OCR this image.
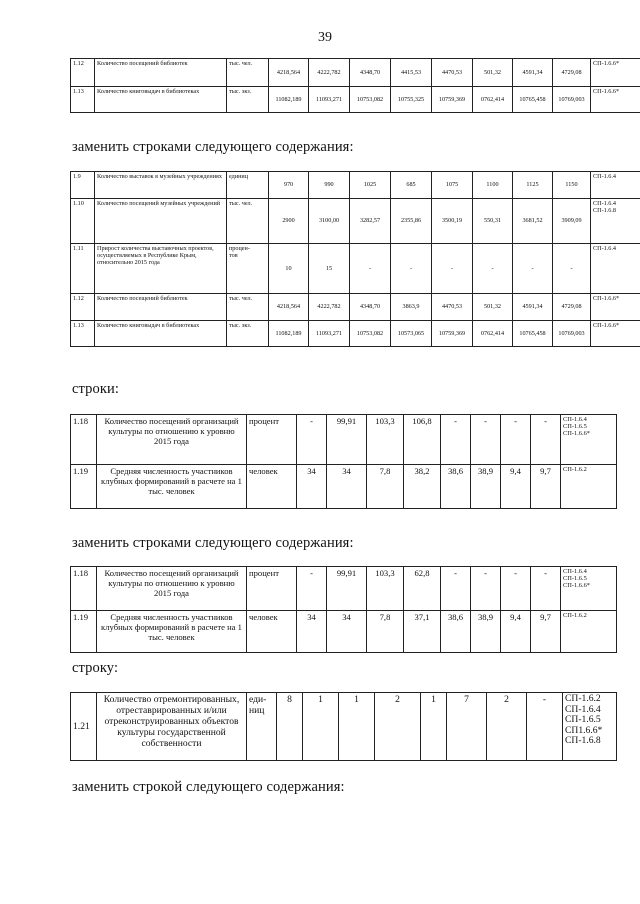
39
1.12	Количество посещений библиотек	тыс. чел.	4218,564	4222,782	4348,70	4415,53	4470,53	501,32	4591,34	4729,08	СП-1.6.6*
1.13	Количество книговыдач в библиотеках	тыс. экз.	11082,189	11093,271	10753,082	10755,325	10759,369	0762,414	10765,458	10769,003	СП-1.6.6*
заменить строками следующего содержания:
1.9	Количество выставок в музейных учреждениях	единиц	970	990	1025	685	1075	1100	1125	1150	СП-1.6.4
1.10	Количество посещений музейных учреждений	тыс. чел.	2900	3100,00	3282,57	2355,86	3500,19	550,31	3681,52	3909,09	СП-1.6.4
СП-1.6.8
1.11	Прирост количества выставочных проектов, осуществляемых в Республике Крым, относительно 2015 года	процен-
тов	10	15	-	-	-	-	-	-	СП-1.6.4
1.12	Количество посещений библиотек	тыс. чел.	4218,564	4222,782	4348,70	3863,9	4470,53	501,32	4591,34	4729,08	СП-1.6.6*
1.13	Количество книговыдач в библиотеках	тыс. экз.	11082,189	11093,271	10753,082	10573,065	10759,369	0762,414	10765,458	10769,003	СП-1.6.6*
строки:
1.18	Количество посещений организаций культуры по отношению к уровню 2015 года	процент	-	99,91	103,3	106,8	-	-	-	-	СП-1.6.4
СП-1.6.5
СП-1.6.6*
1.19	Средняя численность участников клубных формирований в расчете на 1 тыс. человек	человек	34	34	7,8	38,2	38,6	38,9	9,4	9,7	СП-1.6.2
заменить строками следующего содержания:
1.18	Количество посещений организаций культуры по отношению к уровню 2015 года	процент	-	99,91	103,3	62,8	-	-	-	-	СП-1.6.4
СП-1.6.5
СП-1.6.6*
1.19	Средняя численность участников клубных формирований в расчете на 1 тыс. человек	человек	34	34	7,8	37,1	38,6	38,9	9,4	9,7	СП-1.6.2
строку:
1.21	Количество отремонтированных, отреставрированных и/или отреконструированных объектов культуры государственной собственности	еди-
ниц	8	1	1	2	1	7	2	-	СП-1.6.2
СП-1.6.4
СП-1.6.5
СП1.6.6*
СП-1.6.8
заменить строкой следующего содержания:
